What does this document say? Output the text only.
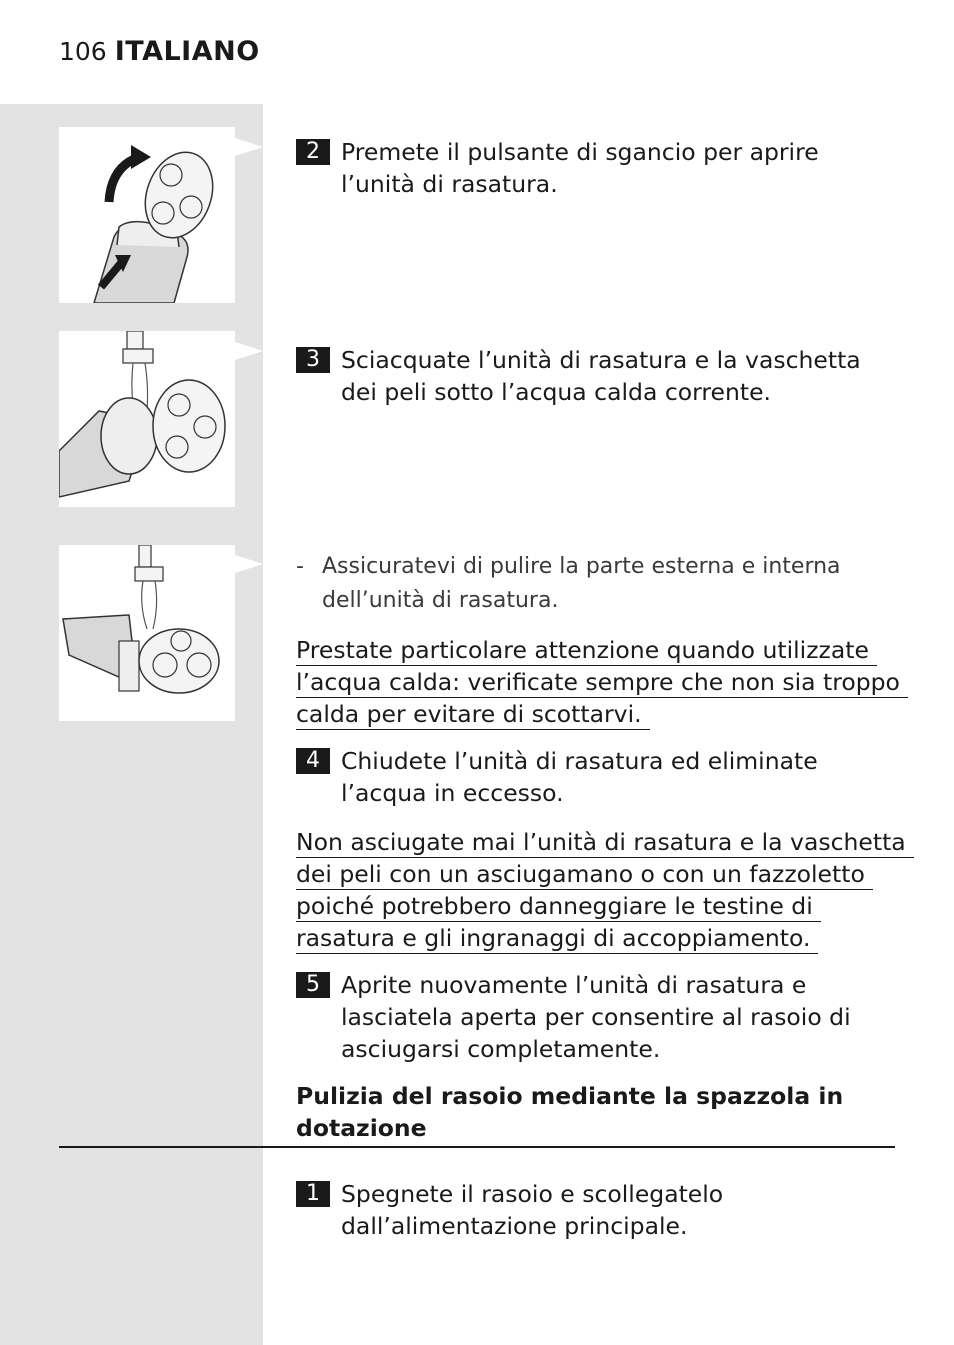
106 ITALIANO
2 Premete il pulsante di sgancio per aprire l’unità di rasatura.
3 Sciacquate l’unità di rasatura e la vaschetta dei peli sotto l’acqua calda corrente.
- Assicuratevi di pulire la parte esterna e interna dell’unità di rasatura.
Prestate particolare attenzione quando utilizzate
l’acqua calda: verificate sempre che non sia troppo
calda per evitare di scottarvi.
4 Chiudete l’unità di rasatura ed eliminate l’acqua in eccesso.
Non asciugate mai l’unità di rasatura e la vaschetta
dei peli con un asciugamano o con un fazzoletto
poiché potrebbero danneggiare le testine di
rasatura e gli ingranaggi di accoppiamento.
5 Aprite nuovamente l’unità di rasatura e lasciatela aperta per consentire al rasoio di asciugarsi completamente.
Pulizia del rasoio mediante la spazzola in dotazione
1 Spegnete il rasoio e scollegatelo dall’alimentazione principale.
